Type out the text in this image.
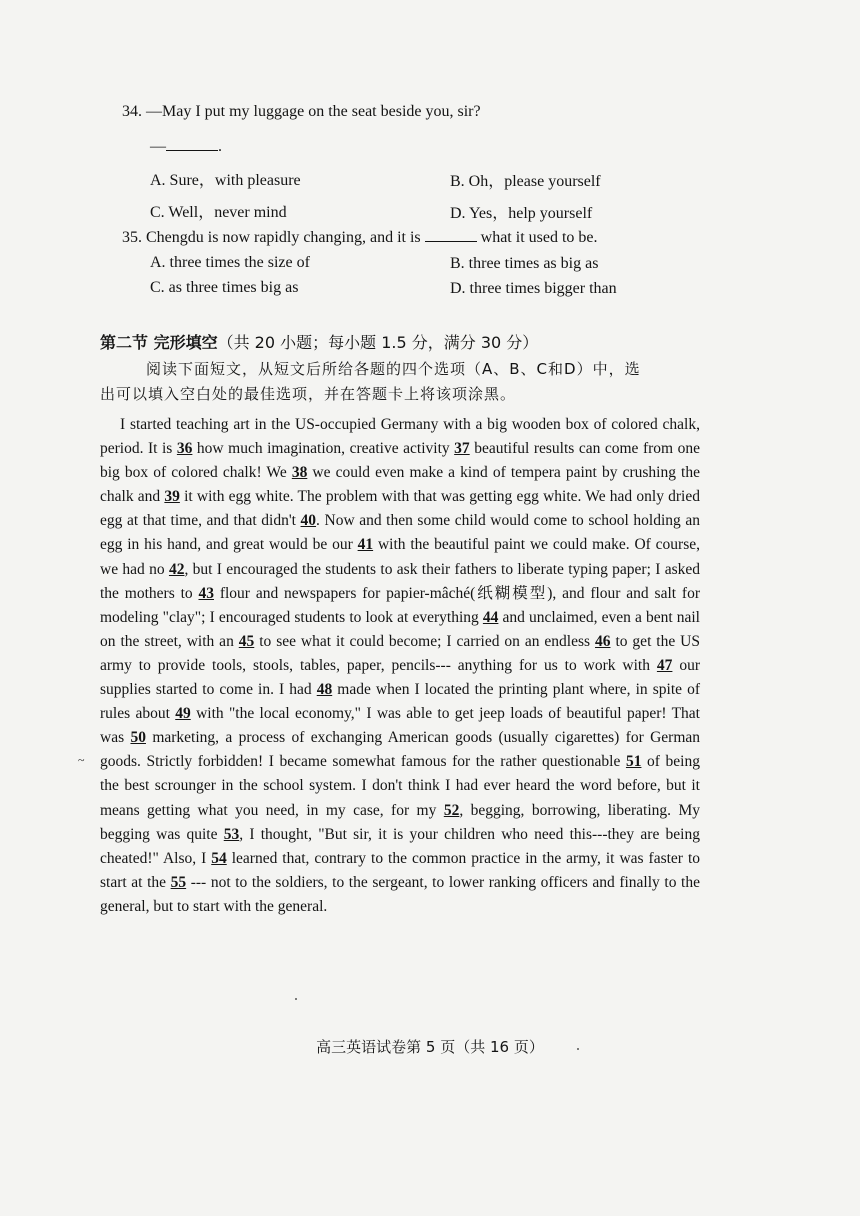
34. —May I put my luggage on the seat beside you, sir?
—	.
A. Sure，with pleasure	B. Oh，please yourself
C. Well，never mind	D. Yes，help yourself
35. Chengdu is now rapidly changing, and it is	what it used to be.
A. three times the size of	B. three times as big as
C. as three times big as	D. three times bigger than
第二节 完形填空（共 20 小题；每小题 1.5 分，满分 30 分）
阅读下面短文，从短文后所给各题的四个选项（A、B、C和D）中，选
出可以填入空白处的最佳选项，并在答题卡上将该项涂黑。
I started teaching art in the US-occupied Germany with a big wooden box of colored chalk, period. It is 36 how much imagination, creative activity 37 beautiful results can come from one big box of colored chalk! We 38 we could even make a kind of tempera paint by crushing the chalk and 39 it with egg white. The problem with that was getting egg white. We had only dried egg at that time, and that didn't 40. Now and then some child would come to school holding an egg in his hand, and great would be our 41 with the beautiful paint we could make. Of course, we had no 42, but I encouraged the students to ask their fathers to liberate typing paper; I asked the mothers to 43 flour and newspapers for papier-mâché(纸糊模型), and flour and salt for modeling "clay"; I encouraged students to look at everything 44 and unclaimed, even a bent nail on the street, with an 45 to see what it could become; I carried on an endless 46 to get the US army to provide tools, stools, tables, paper, pencils--- anything for us to work with 47 our supplies started to come in. I had 48 made when I located the printing plant where, in spite of rules about 49 with "the local economy," I was able to get jeep loads of beautiful paper! That was 50 marketing, a process of exchanging American goods (usually cigarettes) for German goods. Strictly forbidden! I became somewhat famous for the rather questionable 51 of being the best scrounger in the school system. I don't think I had ever heard the word before, but it means getting what you need, in my case, for my 52, begging, borrowing, liberating. My begging was quite 53, I thought, "But sir, it is your children who need this---they are being cheated!" Also, I 54 learned that, contrary to the common practice in the army, it was faster to start at the 55 --- not to the soldiers, to the sergeant, to lower ranking officers and finally to the general, but to start with the general.
~
高三英语试卷第 5 页（共 16 页）
